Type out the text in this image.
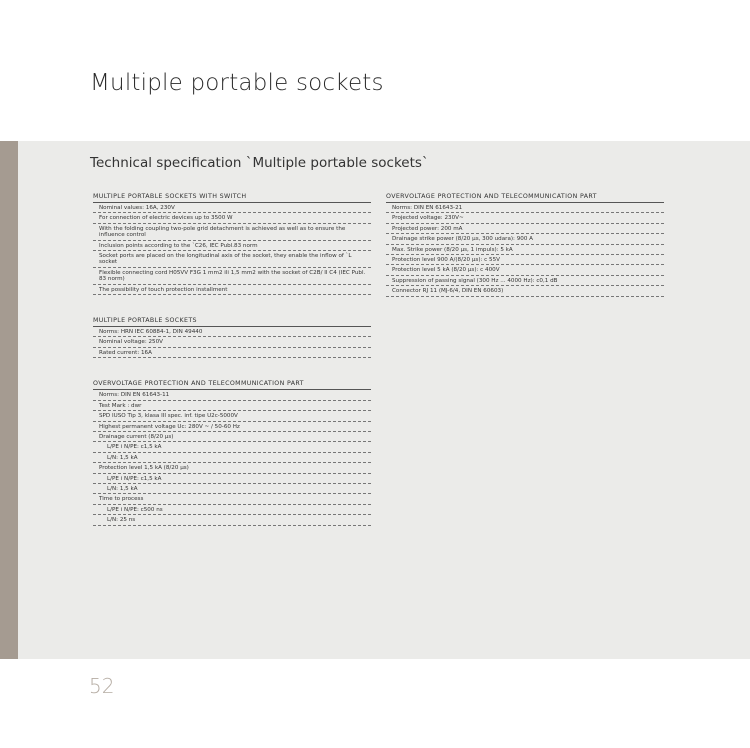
Multiple portable sockets
Technical specification `Multiple portable sockets`
MULTIPLE PORTABLE SOCKETS WITH SWITCH
Nominal values: 16A, 230V
For connection of electric devices up to 3500 W
With the folding coupling two-pole grid detachment is achieved as well as to ensure the influence control
Inclusion points according to the `C26, IEC Publ.83 norm
Socket ports are placed on the longitudinal axis of the socket, they enable the inflow of `L socket
Flexible connecting cord H05VV F3G 1 mm2 ili 1,5 mm2 with the socket of C2B/ II C4 (IEC Publ. 83 norm)
The possibility of touch protection installment
MULTIPLE PORTABLE SOCKETS
Norms: HRN IEC 60884-1, DIN 49440
Nominal voltage: 250V
Rated current: 16A
OVERVOLTAGE PROTECTION AND TELECOMMUNICATION PART
Norms: DIN EN 61643-11
Test Mark : dwr
SPD IUSO Tip 3, klasa III spec. inf. tipe U2c-5000V
Highest permanent voltage Uc: 280V ~ / 50-60 Hz
Drainage current (8/20 µs)
L/PE i N/PE: c1,5 kA
L/N: 1,5 kA
Protection level 1,5 kA (8/20 µs)
L/PE i N/PE: c1,5 kA
L/N: 1,5 kA
Time to process
L/PE i N/PE: c500 ns
L/N: 25 ns
OVERVOLTAGE PROTECTION AND TELECOMMUNICATION PART
Norms: DIN EN 61643-21
Projected voltage: 230V~
Projected power: 200 mA
Drainage strike power (8/20 µs, 300 udara): 900 A
Max. Strike power (8/20 µs, 1 impuls): 5 kA
Protection level 900 A/(8/20 µs): c 55V
Protection level 5 kA (8/20 µs): c 400V
Suppression of passing signal (300 Hz ... 4000 Hz): c0,1 dB
Connector RJ 11 (MJ-6/4, DIN EN 60603)
52
